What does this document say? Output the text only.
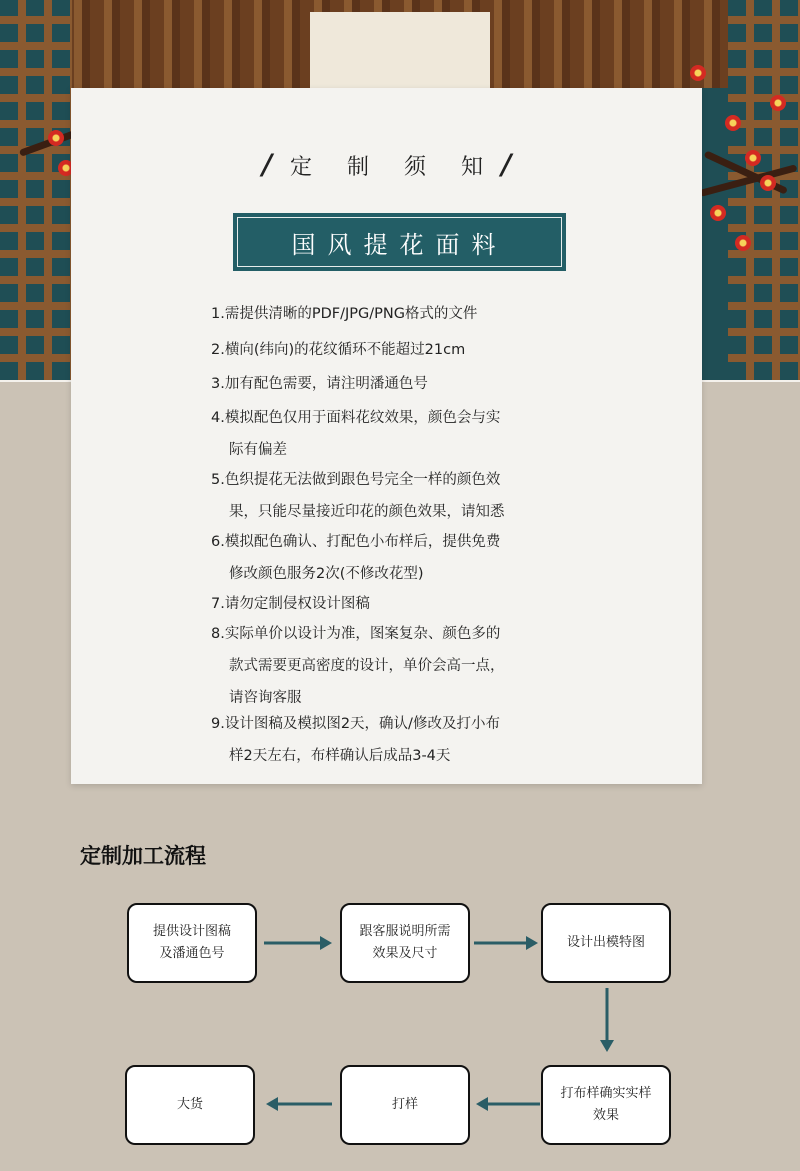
/ 定 制 须 知 /
国风提花面料
1.需提供清晰的PDF/JPG/PNG格式的文件
2.横向(纬向)的花纹循环不能超过21cm
3.加有配色需要，请注明潘通色号
4.模拟配色仅用于面料花纹效果，颜色会与实
际有偏差
5.色织提花无法做到跟色号完全一样的颜色效
果，只能尽量接近印花的颜色效果，请知悉
6.模拟配色确认、打配色小布样后，提供免费
修改颜色服务2次(不修改花型)
7.请勿定制侵权设计图稿
8.实际单价以设计为准，图案复杂、颜色多的
款式需要更高密度的设计，单价会高一点，
请咨询客服
9.设计图稿及模拟图2天，确认/修改及打小布
样2天左右，布样确认后成品3-4天
定制加工流程
提供设计图稿
及潘通色号
跟客服说明所需
效果及尺寸
设计出模特图
打布样确实实样
效果
打样
大货
